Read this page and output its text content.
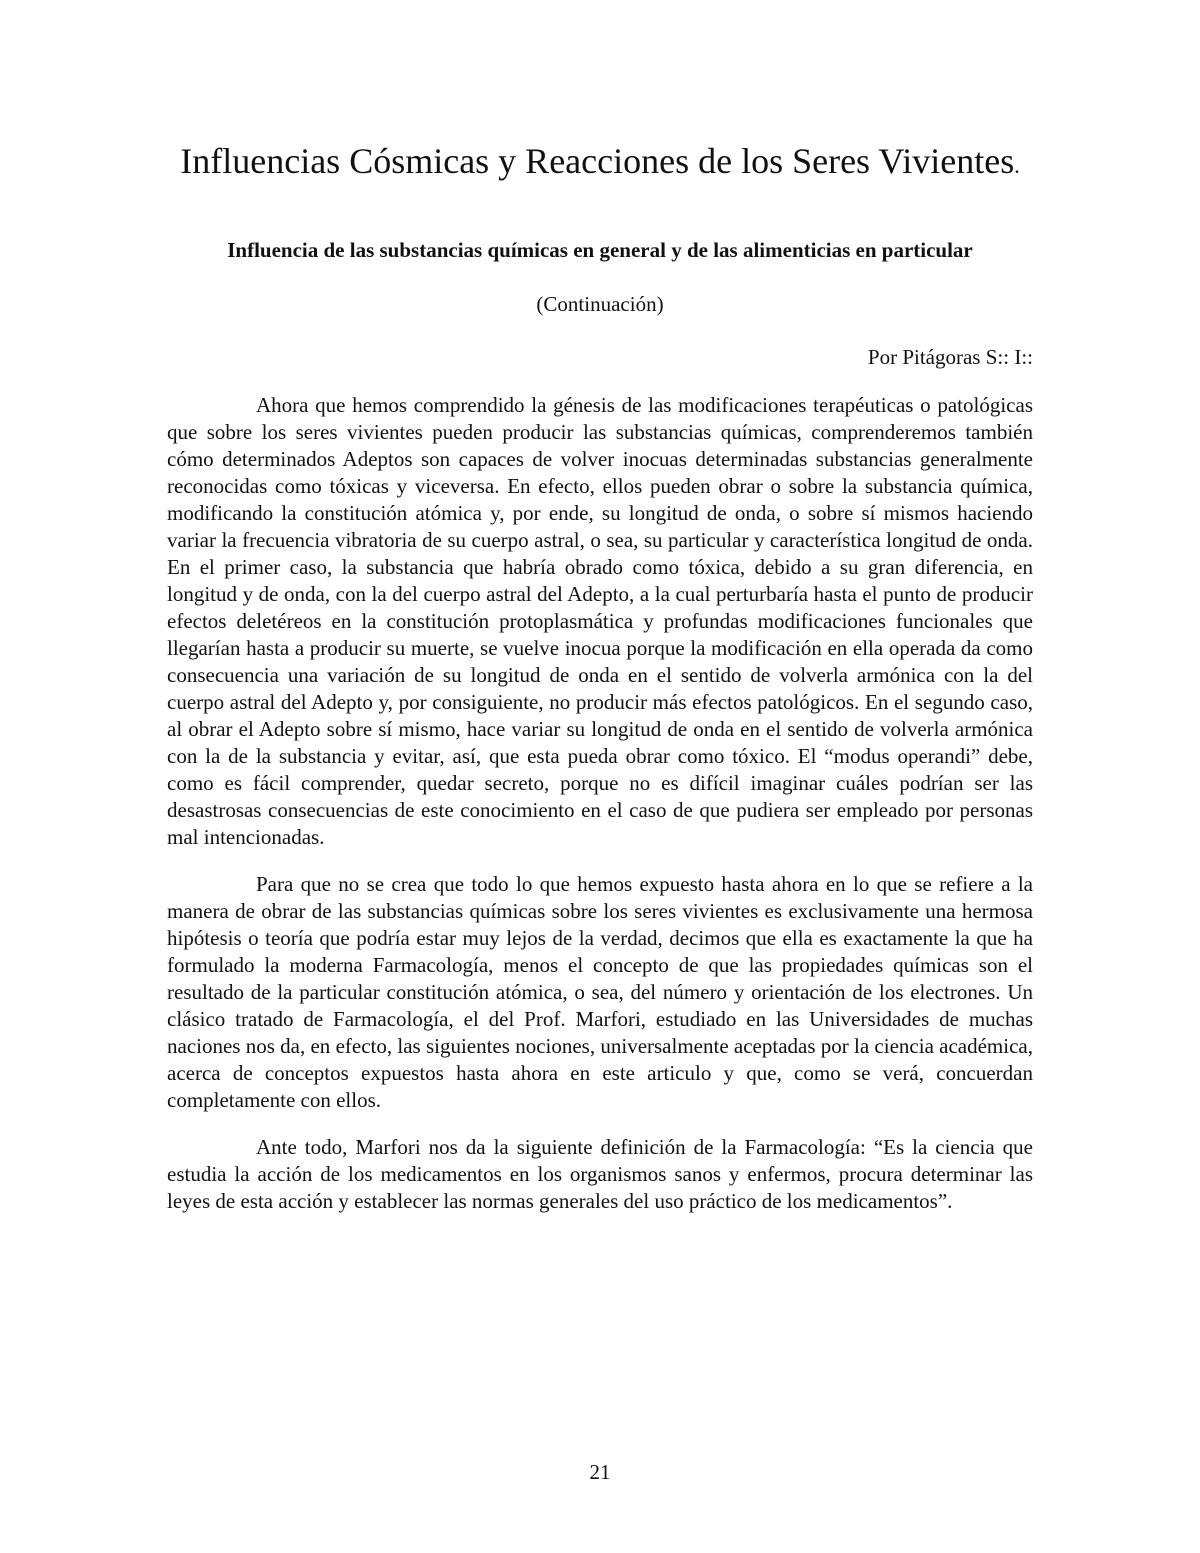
Influencias Cósmicas y Reacciones de los Seres Vivientes.

Influencia de las substancias químicas en general y de las alimenticias en particular

(Continuación)

Por Pitágoras S:: I::

Ahora que hemos comprendido la génesis de las modificaciones terapéuticas o patológicas que sobre los seres vivientes pueden producir las substancias químicas, comprenderemos también cómo determinados Adeptos son capaces de volver inocuas determinadas substancias generalmente reconocidas como tóxicas y viceversa. En efecto, ellos pueden obrar o sobre la substancia química, modificando la constitución atómica y, por ende, su longitud de onda, o sobre sí mismos haciendo variar la frecuencia vibratoria de su cuerpo astral, o sea, su particular y característica longitud de onda. En el primer caso, la substancia que habría obrado como tóxica, debido a su gran diferencia, en longitud y de onda, con la del cuerpo astral del Adepto, a la cual perturbaría hasta el punto de producir efectos deletéreos en la constitución protoplasmática y profundas modificaciones funcionales que llegarían hasta a producir su muerte, se vuelve inocua porque la modificación en ella operada da como consecuencia una variación de su longitud de onda en el sentido de volverla armónica con la del cuerpo astral del Adepto y, por consiguiente, no producir más efectos patológicos. En el segundo caso, al obrar el Adepto sobre sí mismo, hace variar su longitud de onda en el sentido de volverla armónica con la de la substancia y evitar, así, que esta pueda obrar como tóxico. El “modus operandi” debe, como es fácil comprender, quedar secreto, porque no es difícil imaginar cuáles podrían ser las desastrosas consecuencias de este conocimiento en el caso de que pudiera ser empleado por personas mal intencionadas.

Para que no se crea que todo lo que hemos expuesto hasta ahora en lo que se refiere a la manera de obrar de las substancias químicas sobre los seres vivientes es exclusivamente una hermosa hipótesis o teoría que podría estar muy lejos de la verdad, decimos que ella es exactamente la que ha formulado la moderna Farmacología, menos el concepto de que las propiedades químicas son el resultado de la particular constitución atómica, o sea, del número y orientación de los electrones. Un clásico tratado de Farmacología, el del Prof. Marfori, estudiado en las Universidades de muchas naciones nos da, en efecto, las siguientes nociones, universalmente aceptadas por la ciencia académica, acerca de conceptos expuestos hasta ahora en este articulo y que, como se verá, concuerdan completamente con ellos.

Ante todo, Marfori nos da la siguiente definición de la Farmacología: “Es la ciencia que estudia la acción de los medicamentos en los organismos sanos y enfermos, procura determinar las leyes de esta acción y establecer las normas generales del uso práctico de los medicamentos”.

21
